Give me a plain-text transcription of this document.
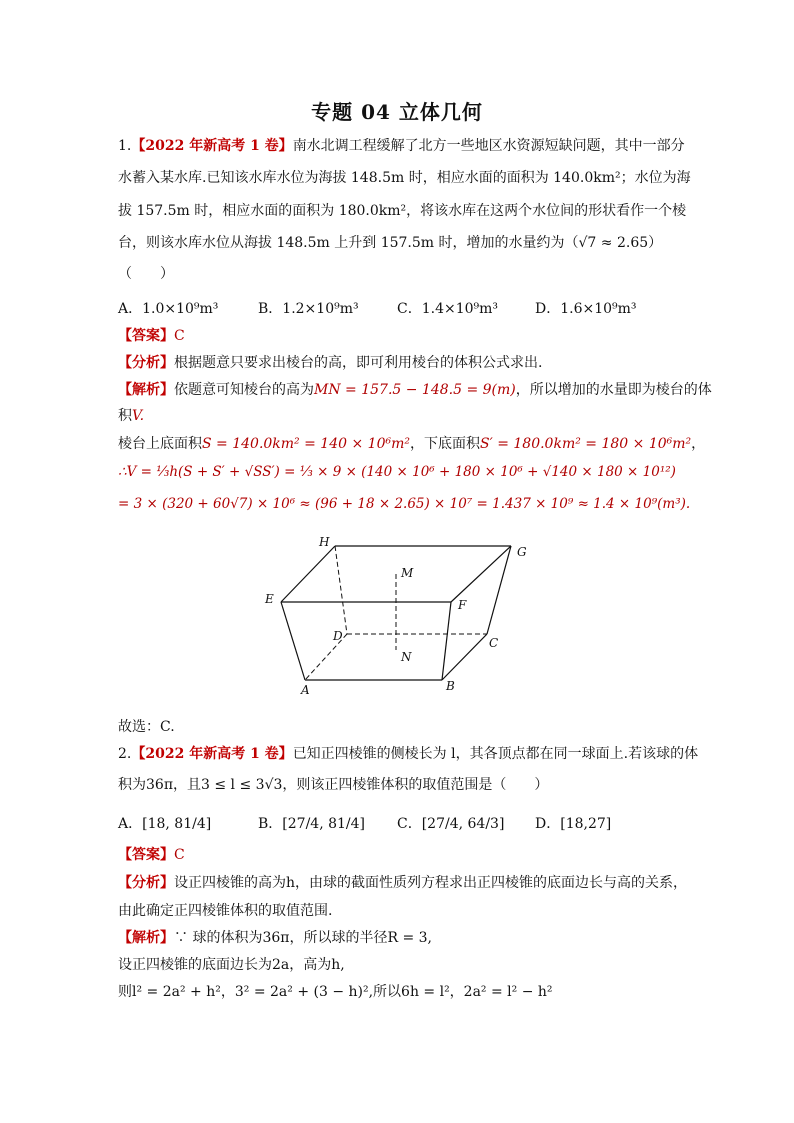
专题 04 立体几何
1.【2022 年新高考 1 卷】南水北调工程缓解了北方一些地区水资源短缺问题，其中一部分
水蓄入某水库.已知该水库水位为海拔 148.5m 时，相应水面的面积为 140.0km²；水位为海
拔 157.5m 时，相应水面的面积为 180.0km²，将该水库在这两个水位间的形状看作一个棱
台，则该水库水位从海拔 148.5m 上升到 157.5m 时，增加的水量约为（√7 ≈ 2.65）
（　　）
A．1.0×10⁹m³	B．1.2×10⁹m³	C．1.4×10⁹m³	D．1.6×10⁹m³
【答案】C
【分析】根据题意只要求出棱台的高，即可利用棱台的体积公式求出.
【解析】依题意可知棱台的高为MN = 157.5 − 148.5 = 9(m)，所以增加的水量即为棱台的体
积V.
棱台上底面积S = 140.0km² = 140 × 10⁶m²，下底面积S′ = 180.0km² = 180 × 10⁶m²，
∴V = ⅓h(S + S′ + √SS′) = ⅓ × 9 × (140 × 10⁶ + 180 × 10⁶ + √140 × 180 × 10¹²)
= 3 × (320 + 60√7) × 10⁶ ≈ (96 + 18 × 2.65) × 10⁷ = 1.437 × 10⁹ ≈ 1.4 × 10⁹(m³).
H
G
M
E	F
D	C
N
A	B
故选：C.
2.【2022 年新高考 1 卷】已知正四棱锥的侧棱长为 l，其各顶点都在同一球面上.若该球的体
积为36π，且3 ≤ l ≤ 3√3，则该正四棱锥体积的取值范围是（　　）
A．[18, 81/4]	B．[27/4, 81/4] C．[27/4, 64/3] D．[18,27]
【答案】C
【分析】设正四棱锥的高为h，由球的截面性质列方程求出正四棱锥的底面边长与高的关系，
由此确定正四棱锥体积的取值范围.
【解析】∵ 球的体积为36π，所以球的半径R = 3,
设正四棱锥的底面边长为2a，高为h,
则l² = 2a² + h²，3² = 2a² + (3 − h)²,所以6h = l²，2a² = l² − h²
